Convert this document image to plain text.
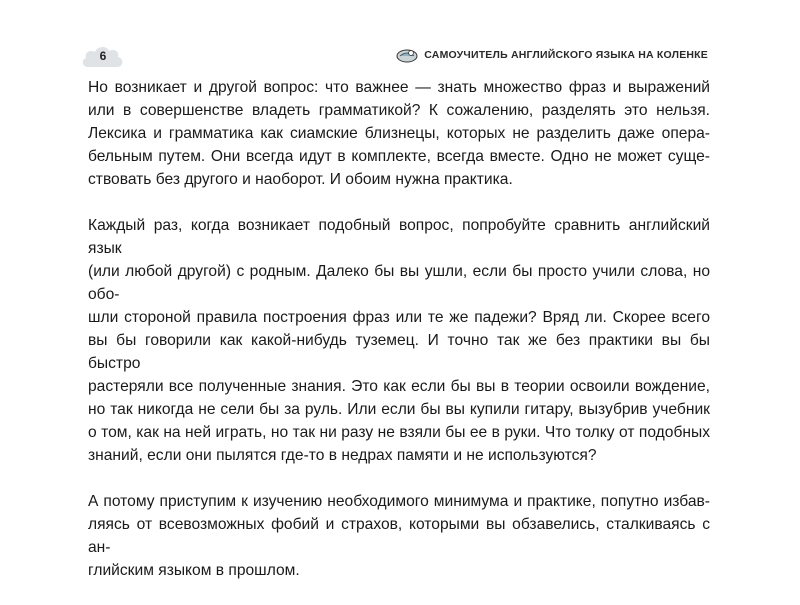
6	САМОУЧИТЕЛЬ АНГЛИЙСКОГО ЯЗЫКА НА КОЛЕНКЕ

Но возникает и другой вопрос: что важнее — знать множество фраз и выражений
или в совершенстве владеть грамматикой? К сожалению, разделять это нельзя.
Лексика и грамматика как сиамские близнецы, которых не разделить даже опера-
бельным путем. Они всегда идут в комплекте, всегда вместе. Одно не может суще-
ствовать без другого и наоборот. И обоим нужна практика.

Каждый раз, когда возникает подобный вопрос, попробуйте сравнить английский язык
(или любой другой) с родным. Далеко бы вы ушли, если бы просто учили слова, но обо-
шли стороной правила построения фраз или те же падежи? Вряд ли. Скорее всего
вы бы говорили как какой-нибудь туземец. И точно так же без практики вы бы быстро
растеряли все полученные знания. Это как если бы вы в теории освоили вождение,
но так никогда не сели бы за руль. Или если бы вы купили гитару, вызубрив учебник
о том, как на ней играть, но так ни разу не взяли бы ее в руки. Что толку от подобных
знаний, если они пылятся где-то в недрах памяти и не используются?

А потому приступим к изучению необходимого минимума и практике, попутно избав-
ляясь от всевозможных фобий и страхов, которыми вы обзавелись, сталкиваясь с ан-
глийским языком в прошлом.
